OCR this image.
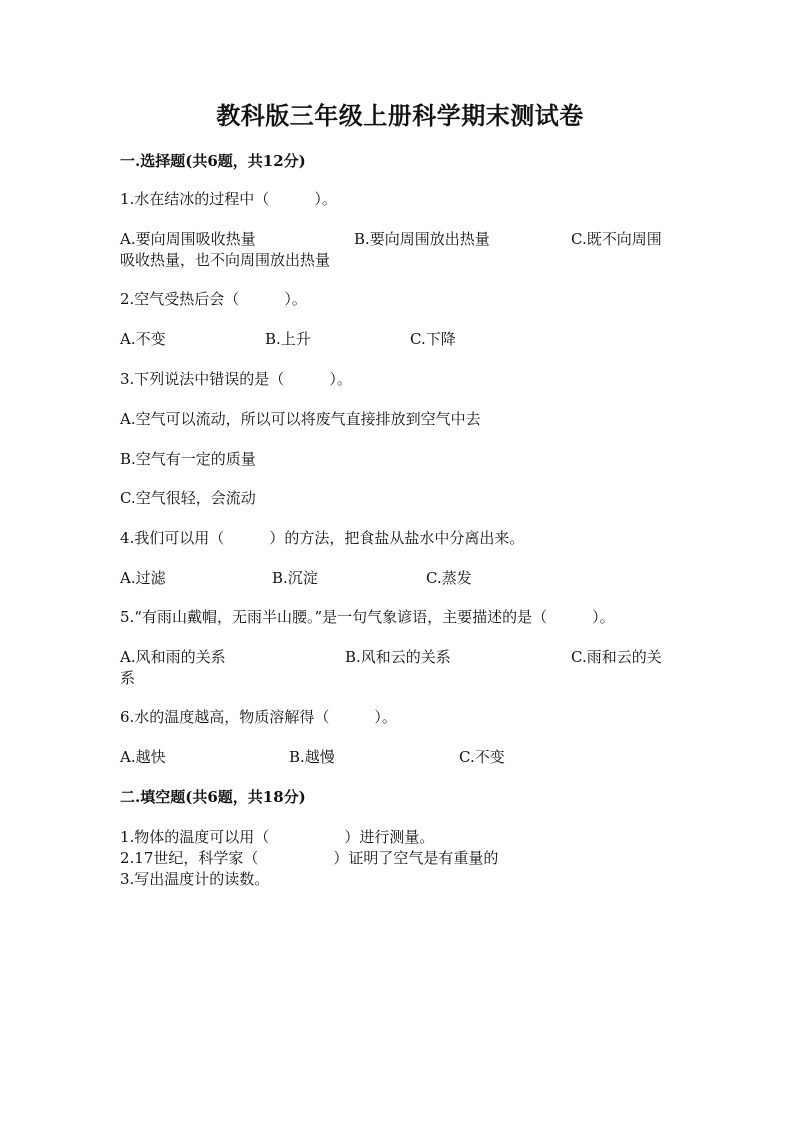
教科版三年级上册科学期末测试卷
一.选择题(共6题，共12分)
1.水在结冰的过程中（　　　）。
A.要向周围吸收热量	B.要向周围放出热量	C.既不向周围
吸收热量，也不向周围放出热量
2.空气受热后会（　　　）。
A.不变	B.上升	C.下降
3.下列说法中错误的是（　　　）。
A.空气可以流动，所以可以将废气直接排放到空气中去
B.空气有一定的质量
C.空气很轻，会流动
4.我们可以用（　　　）的方法，把食盐从盐水中分离出来。
A.过滤	B.沉淀	C.蒸发
5.“有雨山戴帽，无雨半山腰。”是一句气象谚语，主要描述的是（　　　）。
A.风和雨的关系	B.风和云的关系	C.雨和云的关
系
6.水的温度越高，物质溶解得（　　　）。
A.越快	B.越慢	C.不变
二.填空题(共6题，共18分)
1.物体的温度可以用（　　　　　）进行测量。
2.17世纪，科学家（　　　　　）证明了空气是有重量的
3.写出温度计的读数。
